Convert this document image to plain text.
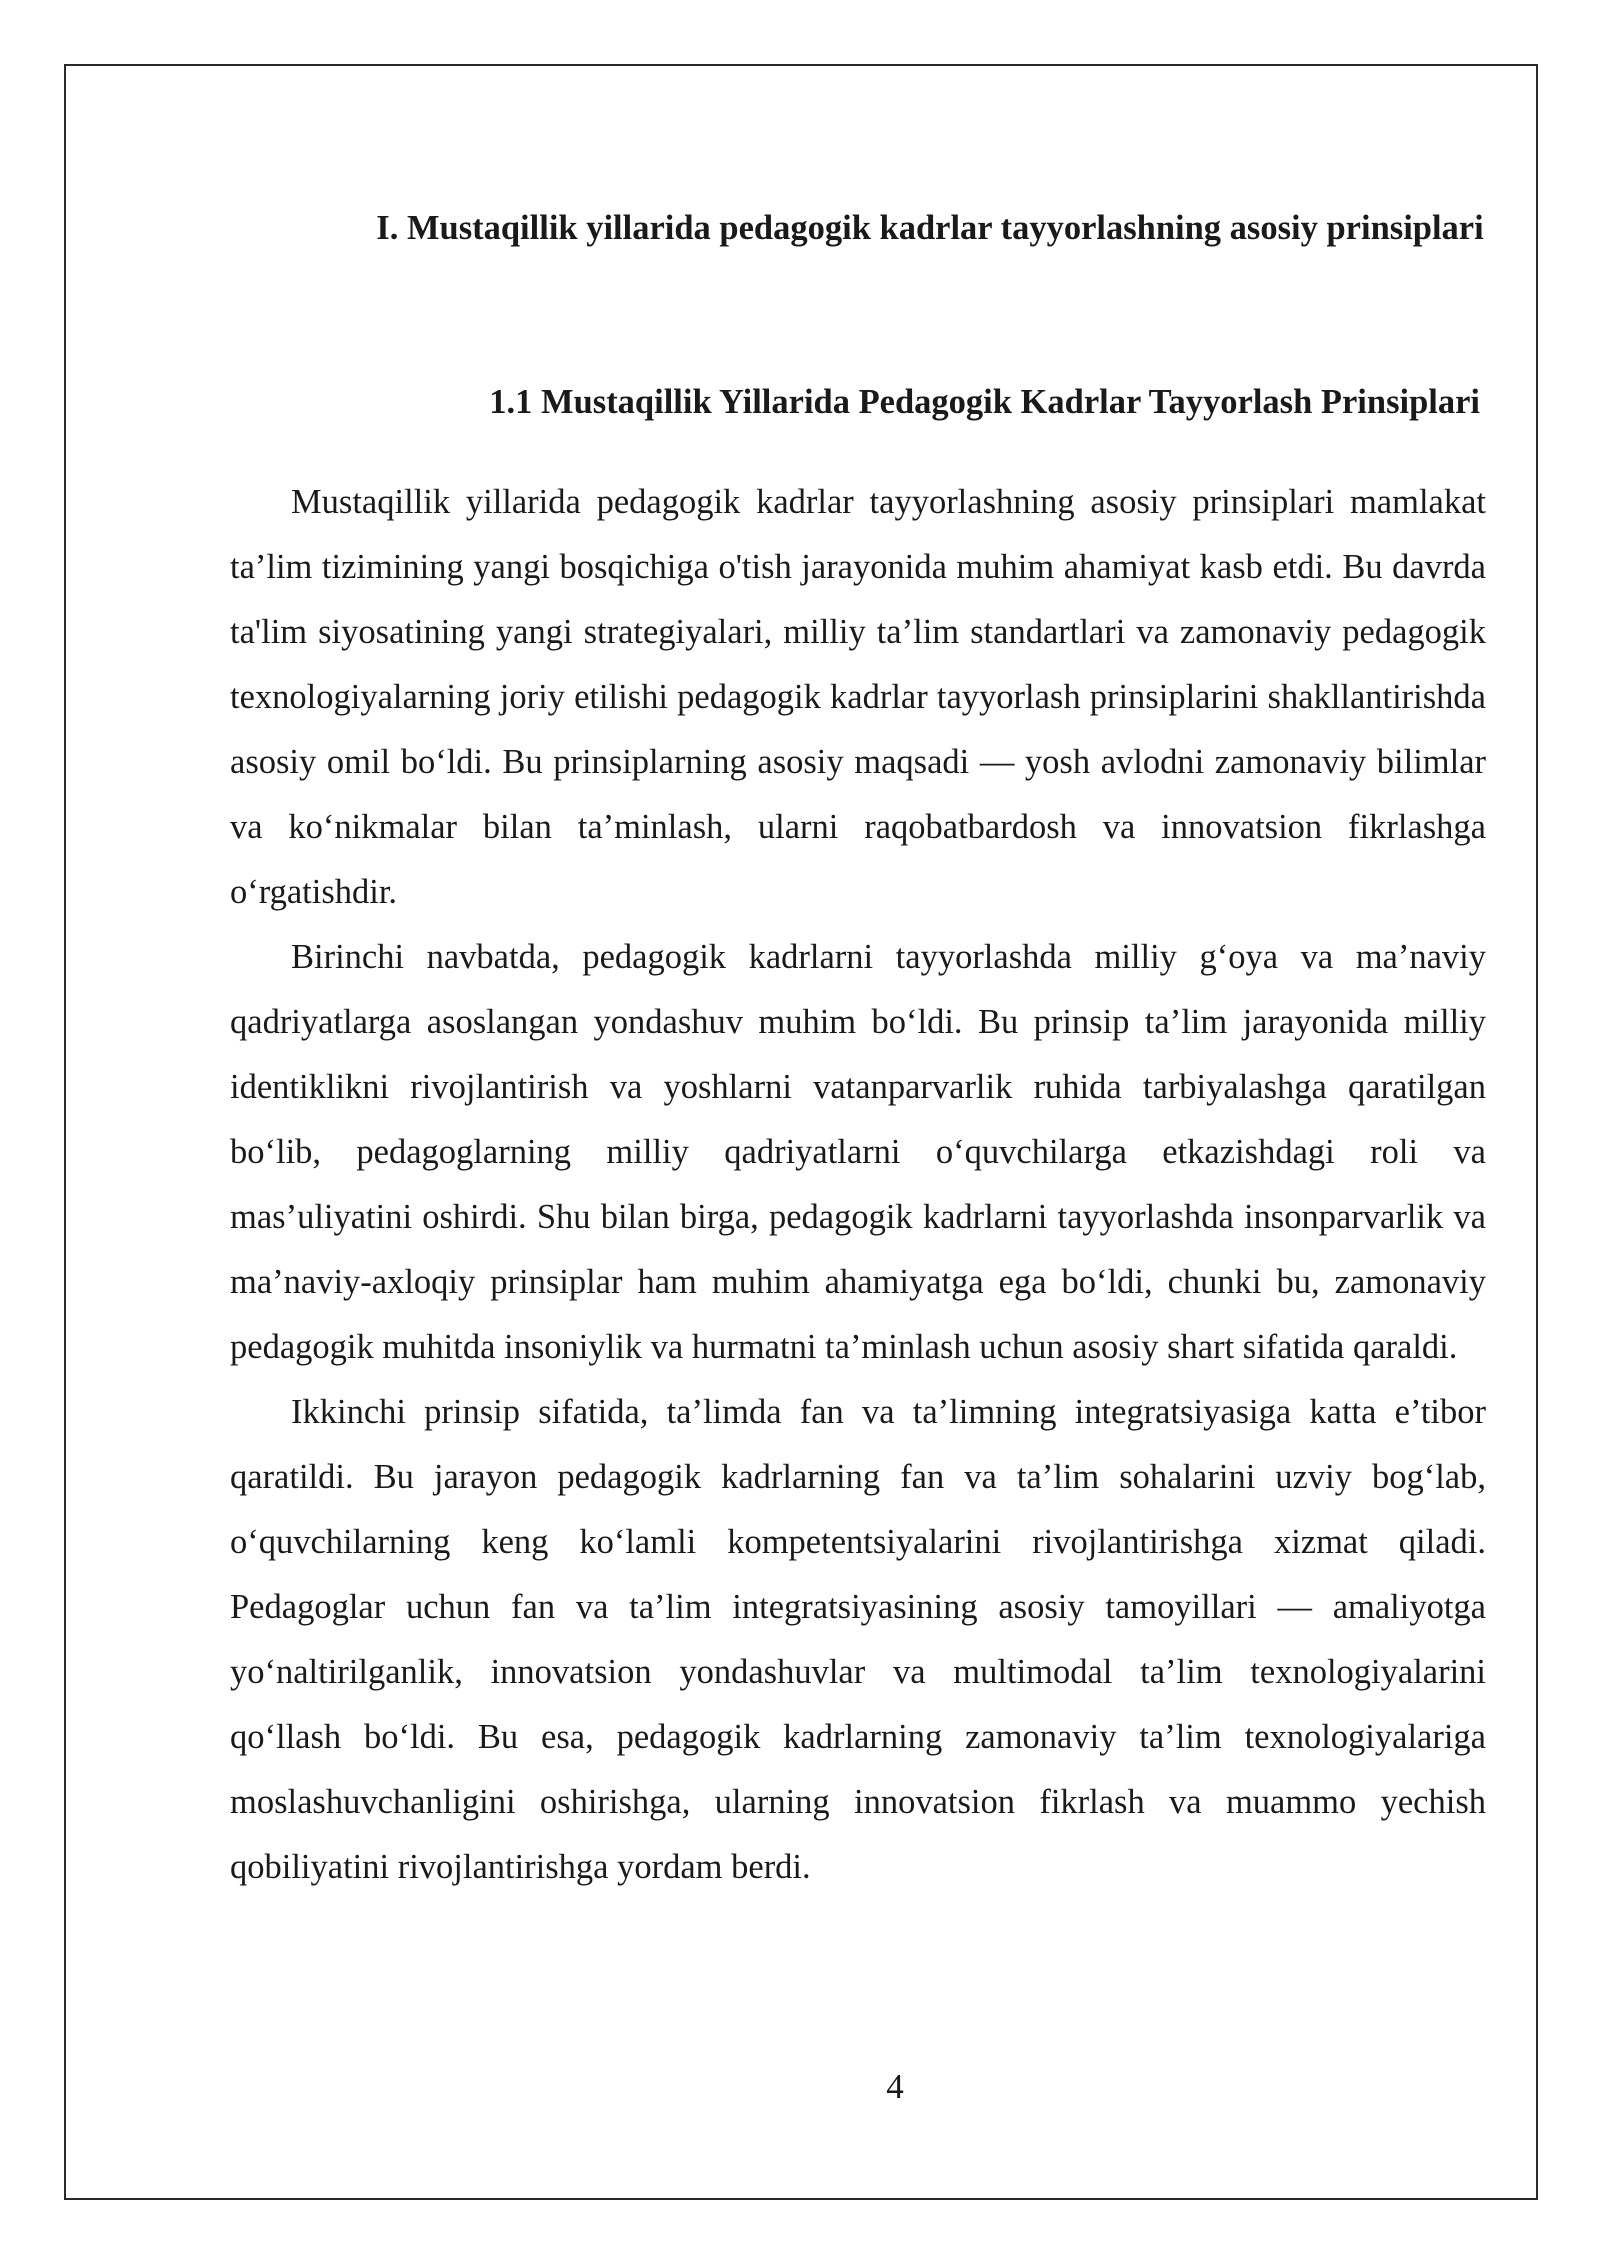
I. Mustaqillik yillarida pedagogik kadrlar tayyorlashning asosiy prinsiplari
1.1 Mustaqillik Yillarida Pedagogik Kadrlar Tayyorlash Prinsiplari

Mustaqillik yillarida pedagogik kadrlar tayyorlashning asosiy prinsiplari mamlakat ta’lim tizimining yangi bosqichiga o'tish jarayonida muhim ahamiyat kasb etdi. Bu davrda ta'lim siyosatining yangi strategiyalari, milliy ta’lim standartlari va zamonaviy pedagogik texnologiyalarning joriy etilishi pedagogik kadrlar tayyorlash prinsiplarini shakllantirishda asosiy omil bo‘ldi. Bu prinsiplarning asosiy maqsadi — yosh avlodni zamonaviy bilimlar va ko‘nikmalar bilan ta’minlash, ularni raqobatbardosh va innovatsion fikrlashga o‘rgatishdir.

Birinchi navbatda, pedagogik kadrlarni tayyorlashda milliy g‘oya va ma’naviy qadriyatlarga asoslangan yondashuv muhim bo‘ldi. Bu prinsip ta’lim jarayonida milliy identiklikni rivojlantirish va yoshlarni vatanparvarlik ruhida tarbiyalashga qaratilgan bo‘lib, pedagoglarning milliy qadriyatlarni o‘quvchilarga etkazishdagi roli va mas’uliyatini oshirdi. Shu bilan birga, pedagogik kadrlarni tayyorlashda insonparvarlik va ma’naviy-axloqiy prinsiplar ham muhim ahamiyatga ega bo‘ldi, chunki bu, zamonaviy pedagogik muhitda insoniylik va hurmatni ta’minlash uchun asosiy shart sifatida qaraldi.

Ikkinchi prinsip sifatida, ta’limda fan va ta’limning integratsiyasiga katta e’tibor qaratildi. Bu jarayon pedagogik kadrlarning fan va ta’lim sohalarini uzviy bog‘lab, o‘quvchilarning keng ko‘lamli kompetentsiyalarini rivojlantirishga xizmat qiladi. Pedagoglar uchun fan va ta’lim integratsiyasining asosiy tamoyillari — amaliyotga yo‘naltirilganlik, innovatsion yondashuvlar va multimodal ta’lim texnologiyalarini qo‘llash bo‘ldi. Bu esa, pedagogik kadrlarning zamonaviy ta’lim texnologiyalariga moslashuvchanligini oshirishga, ularning innovatsion fikrlash va muammo yechish qobiliyatini rivojlantirishga yordam berdi.

4
